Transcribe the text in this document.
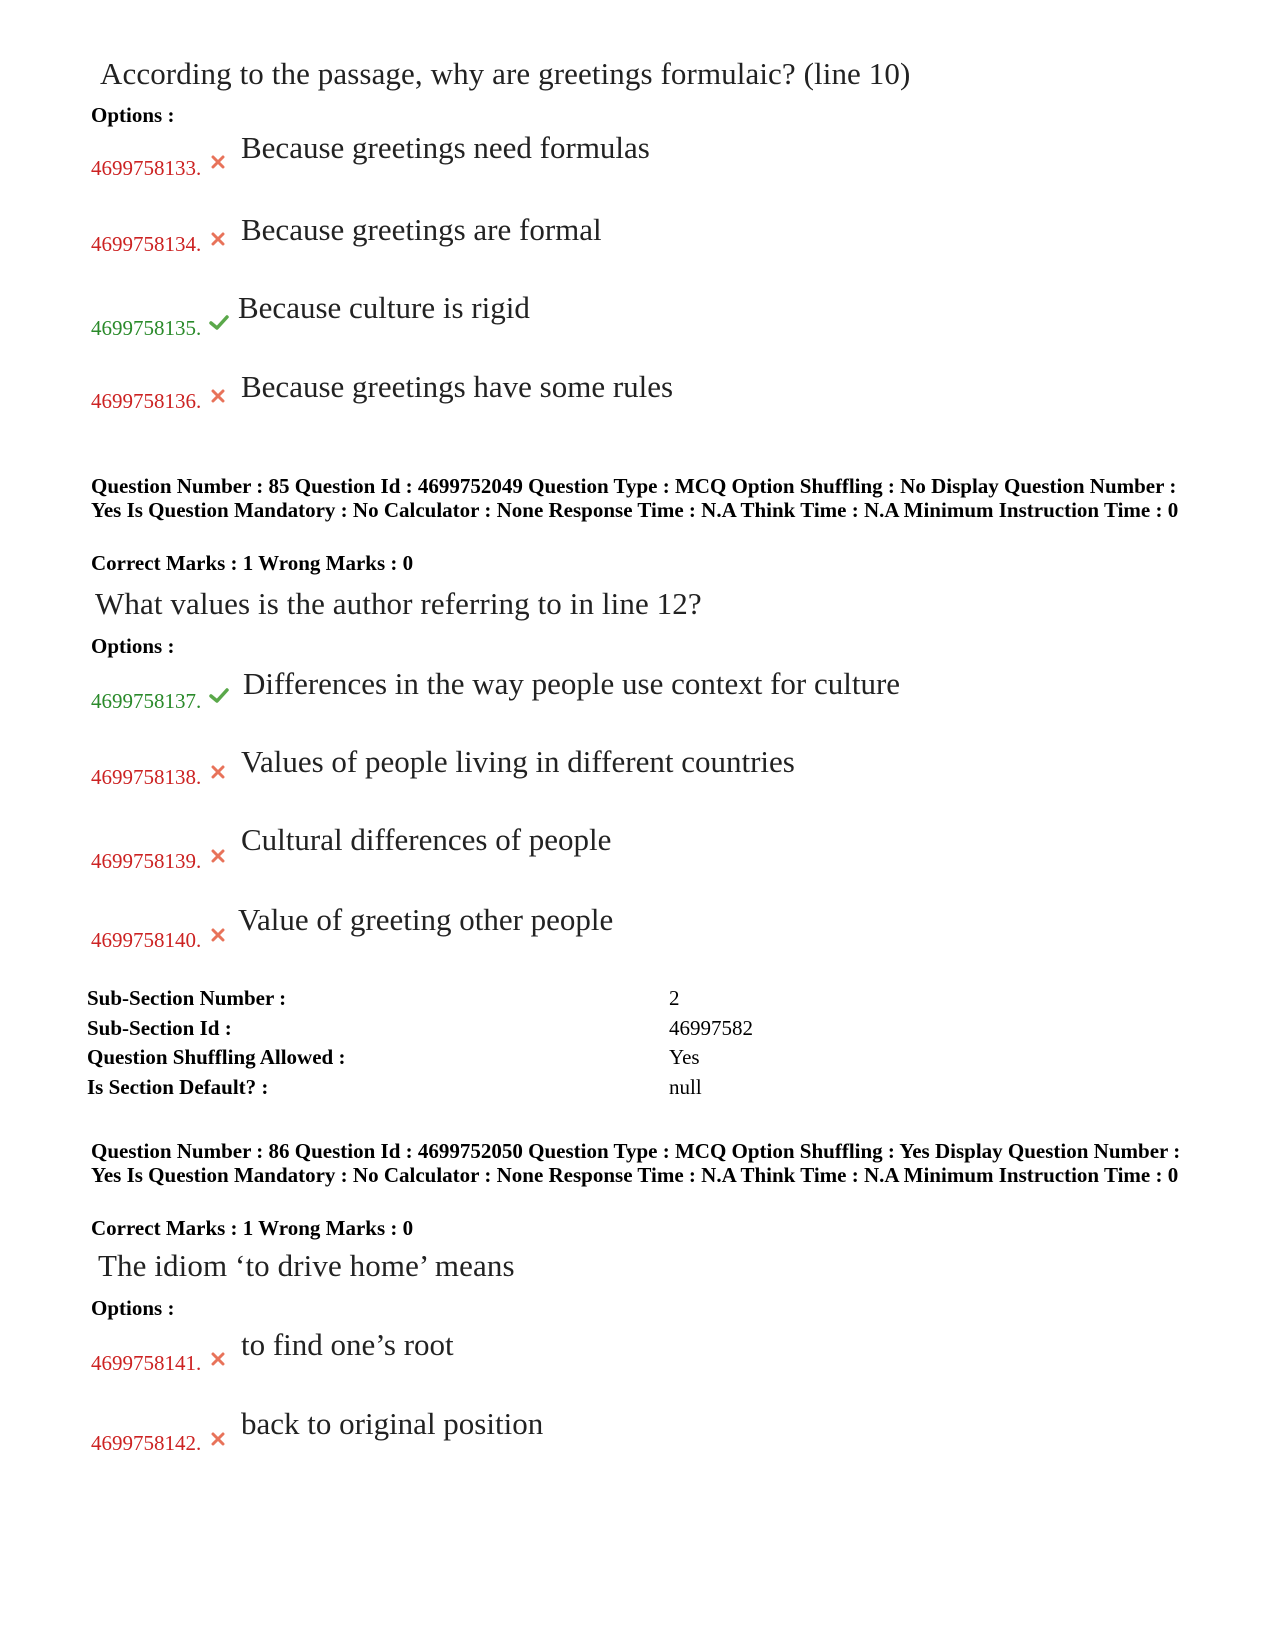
According to the passage, why are greetings formulaic? (line 10)
Options :
4699758133.
Because greetings need formulas
4699758134. Because greetings are formal
4699758135.
Because culture is rigid
4699758136. Because greetings have some rules
Question Number : 85 Question Id : 4699752049 Question Type : MCQ Option Shuffling : No Display Question Number : Yes Is Question Mandatory : No Calculator : None Response Time : N.A Think Time : N.A Minimum Instruction Time : 0
Correct Marks : 1 Wrong Marks : 0
What values is the author referring to in line 12?
Options :
4699758137. Differences in the way people use context for culture
4699758138. Values of people living in different countries
4699758139.
Cultural differences of people
4699758140.
Value of greeting other people
Sub-Section Number :	2
Sub-Section Id :	46997582
Question Shuffling Allowed :	Yes
Is Section Default? :	null
Question Number : 86 Question Id : 4699752050 Question Type : MCQ Option Shuffling : Yes Display Question Number : Yes Is Question Mandatory : No Calculator : None Response Time : N.A Think Time : N.A Minimum Instruction Time : 0
Correct Marks : 1 Wrong Marks : 0
The idiom ‘to drive home’ means
Options :
4699758141.
to find one’s root
4699758142.
back to original position
